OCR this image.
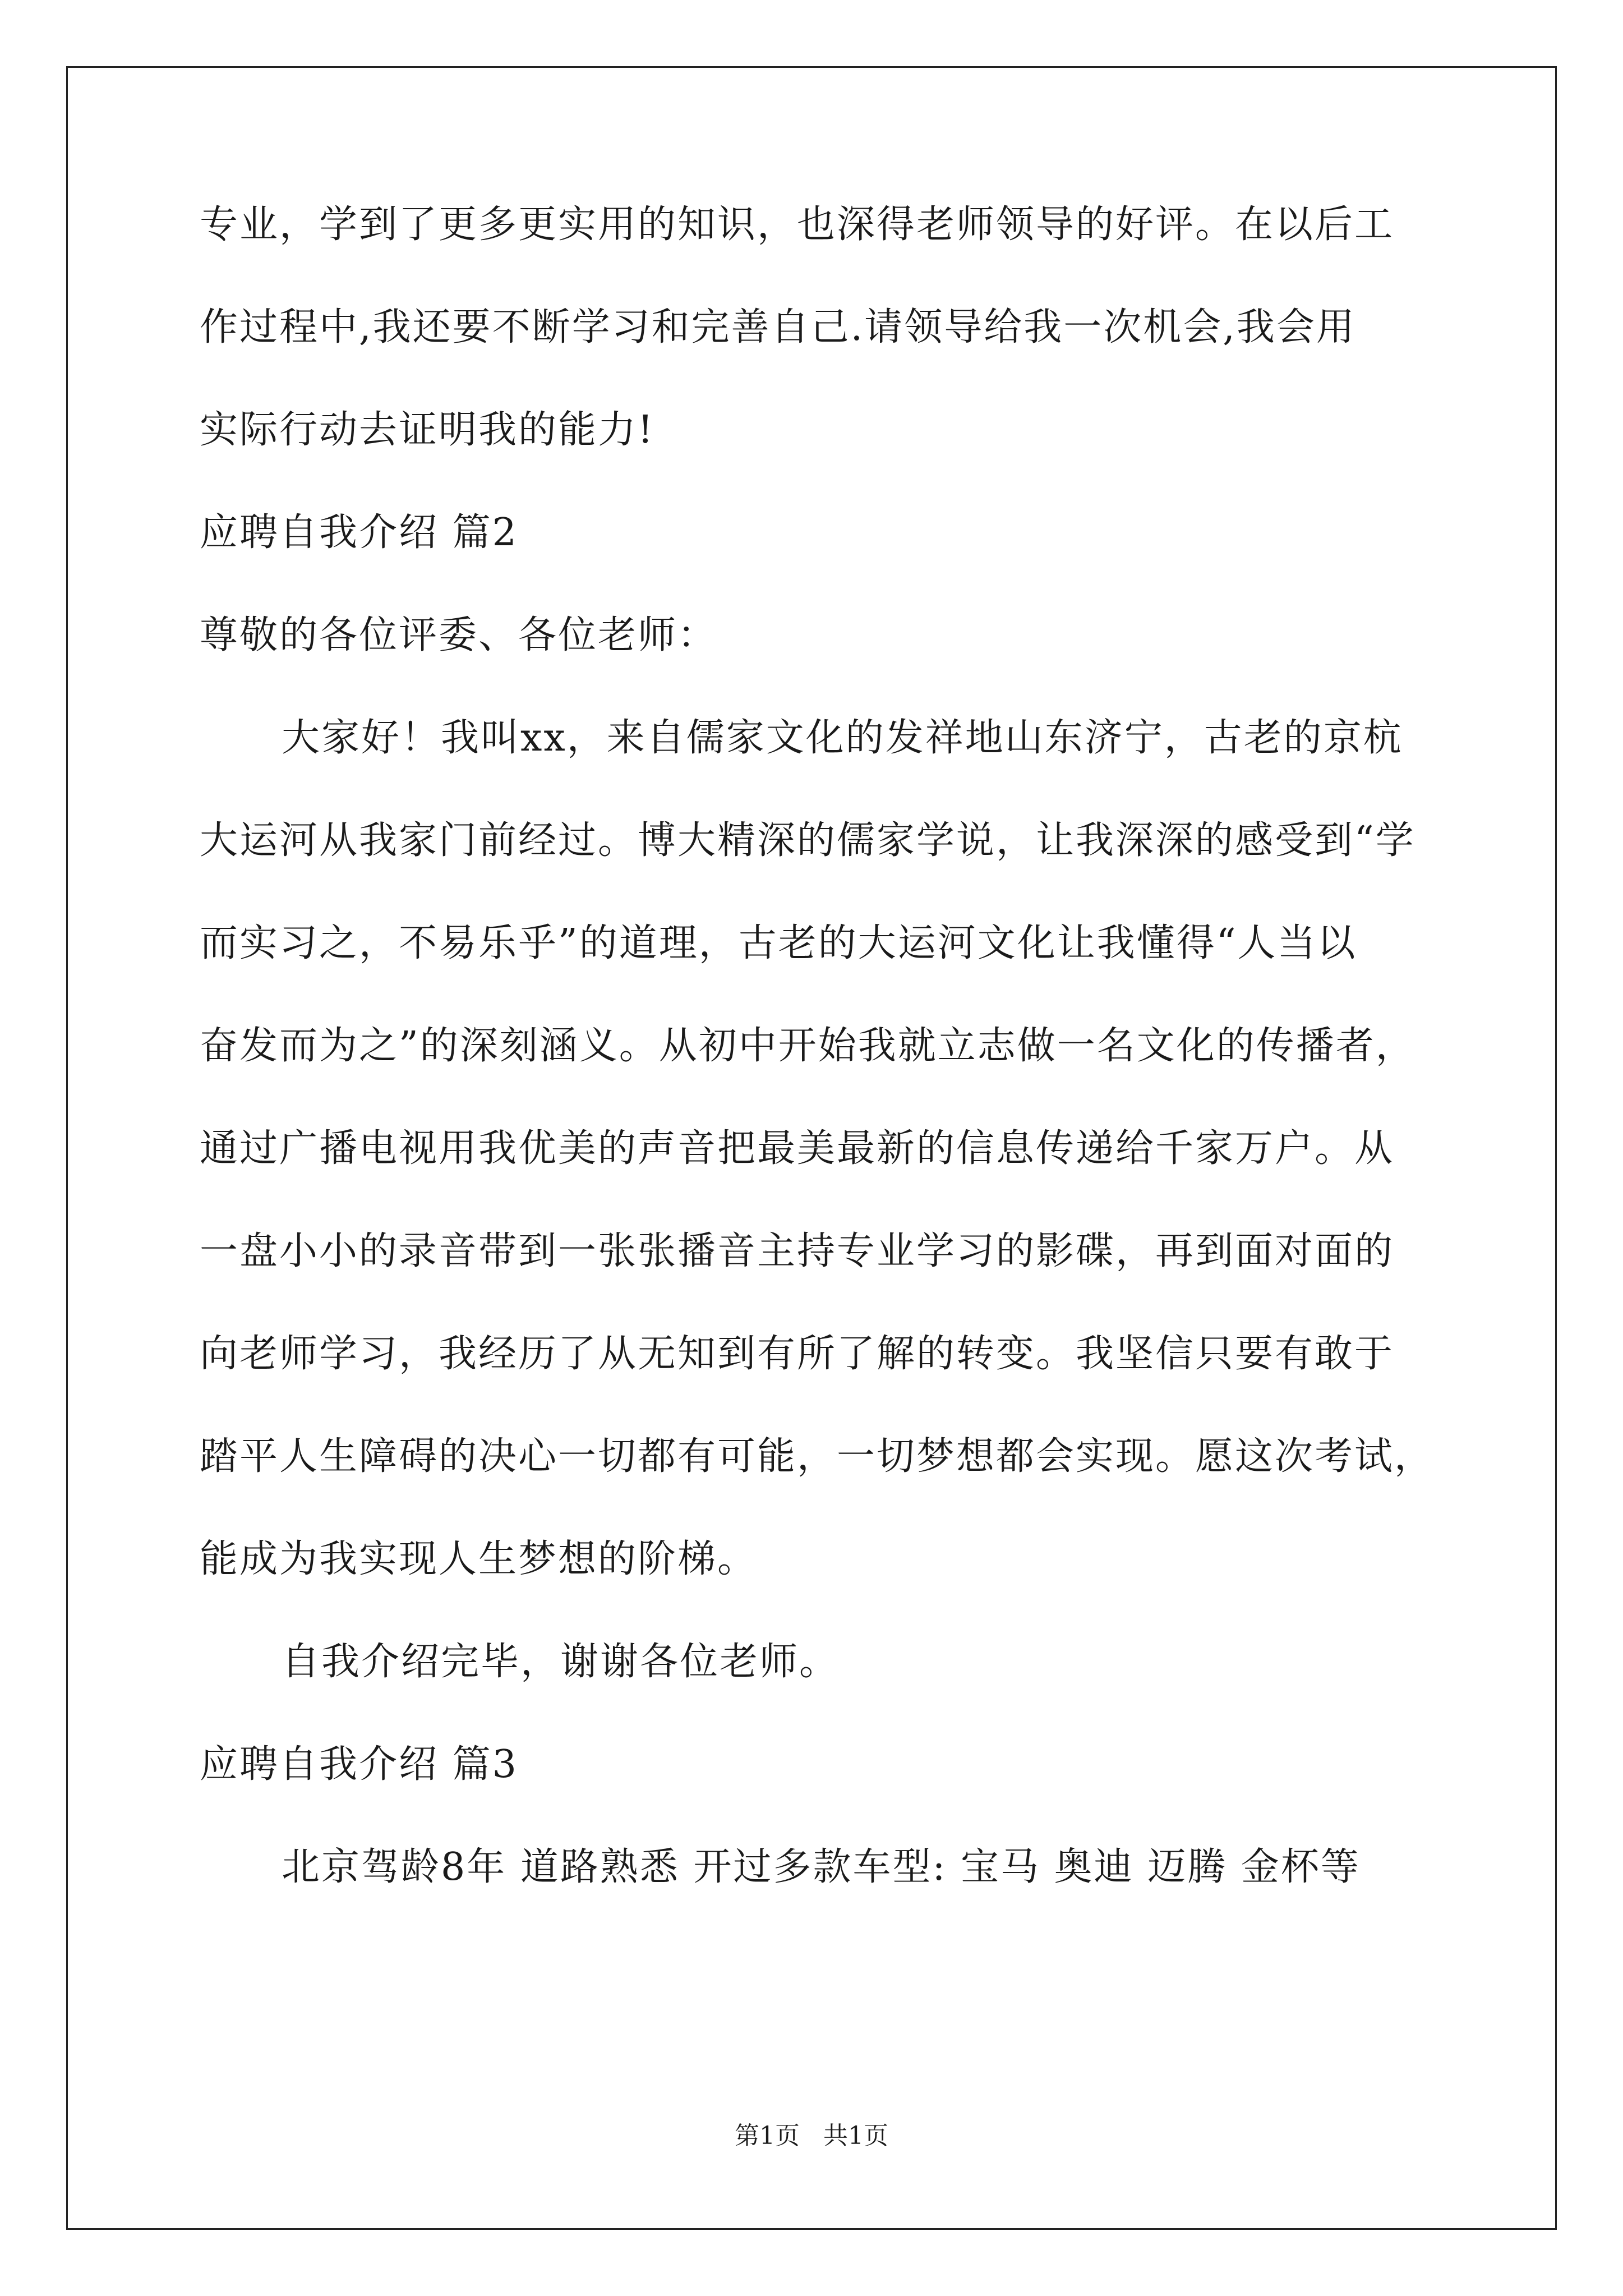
专业，学到了更多更实用的知识，也深得老师领导的好评。在以后工
作过程中,我还要不断学习和完善自己.请领导给我一次机会,我会用
实际行动去证明我的能力!
应聘自我介绍 篇2
尊敬的各位评委、各位老师：
大家好！我叫xx，来自儒家文化的发祥地山东济宁，古老的京杭
大运河从我家门前经过。博大精深的儒家学说，让我深深的感受到“学
而实习之，不易乐乎”的道理，古老的大运河文化让我懂得“人当以
奋发而为之”的深刻涵义。从初中开始我就立志做一名文化的传播者，
通过广播电视用我优美的声音把最美最新的信息传递给千家万户。从
一盘小小的录音带到一张张播音主持专业学习的影碟，再到面对面的
向老师学习，我经历了从无知到有所了解的转变。我坚信只要有敢于
踏平人生障碍的决心一切都有可能，一切梦想都会实现。愿这次考试，
能成为我实现人生梦想的阶梯。
自我介绍完毕，谢谢各位老师。
应聘自我介绍 篇3
北京驾龄8年 道路熟悉 开过多款车型: 宝马 奥迪 迈腾 金杯等
第1页 共1页
